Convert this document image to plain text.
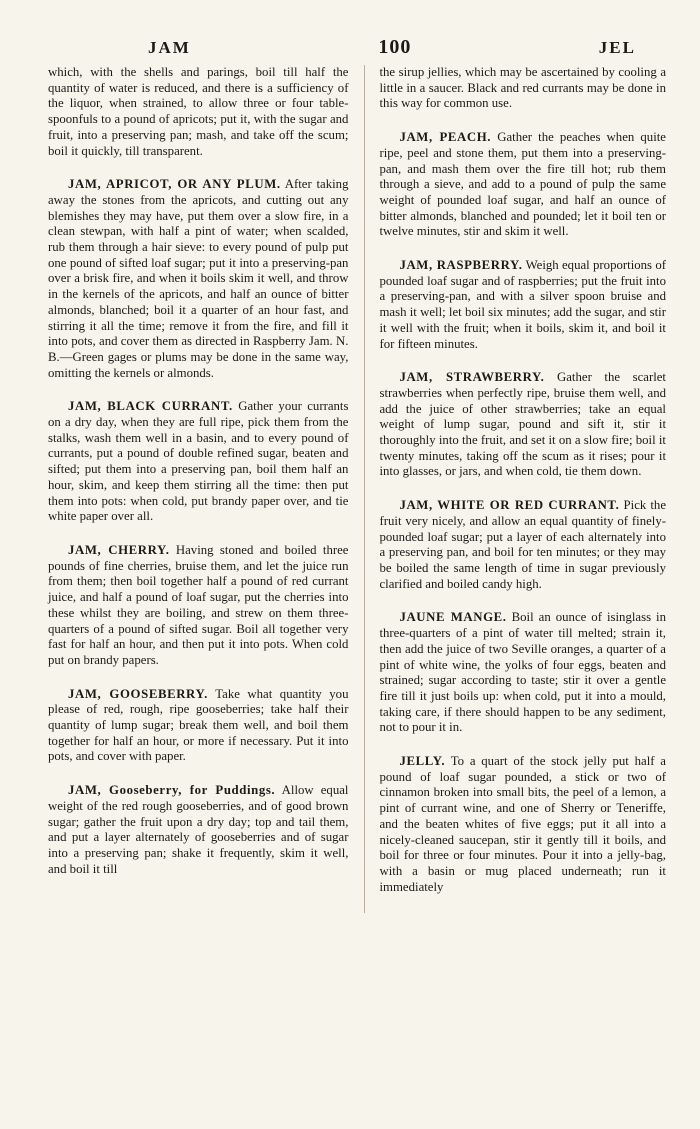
JAM	100	JEL

which, with the shells and parings, boil till half the quantity of water is reduced, and there is a sufficiency of the liquor, when strained, to allow three or four table-spoonfuls to a pound of apricots; put it, with the sugar and fruit, into a preserving pan; mash, and take off the scum; boil it quickly, till transparent.

JAM, APRICOT, OR ANY PLUM. After taking away the stones from the apricots, and cutting out any blemishes they may have, put them over a slow fire, in a clean stewpan, with half a pint of water; when scalded, rub them through a hair sieve: to every pound of pulp put one pound of sifted loaf sugar; put it into a preserving-pan over a brisk fire, and when it boils skim it well, and throw in the kernels of the apricots, and half an ounce of bitter almonds, blanched; boil it a quarter of an hour fast, and stirring it all the time; remove it from the fire, and fill it into pots, and cover them as directed in Raspberry Jam. N. B.—Green gages or plums may be done in the same way, omitting the kernels or almonds.

JAM, BLACK CURRANT. Gather your currants on a dry day, when they are full ripe, pick them from the stalks, wash them well in a basin, and to every pound of currants, put a pound of double refined sugar, beaten and sifted; put them into a preserving pan, boil them half an hour, skim, and keep them stirring all the time: then put them into pots: when cold, put brandy paper over, and tie white paper over all.

JAM, CHERRY. Having stoned and boiled three pounds of fine cherries, bruise them, and let the juice run from them; then boil together half a pound of red currant juice, and half a pound of loaf sugar, put the cherries into these whilst they are boiling, and strew on them three-quarters of a pound of sifted sugar. Boil all together very fast for half an hour, and then put it into pots. When cold put on brandy papers.

JAM, GOOSEBERRY. Take what quantity you please of red, rough, ripe gooseberries; take half their quantity of lump sugar; break them well, and boil them together for half an hour, or more if necessary. Put it into pots, and cover with paper.

JAM, Gooseberry, for Puddings. Allow equal weight of the red rough gooseberries, and of good brown sugar; gather the fruit upon a dry day; top and tail them, and put a layer alternately of gooseberries and of sugar into a preserving pan; shake it frequently, skim it well, and boil it till

the sirup jellies, which may be ascertained by cooling a little in a saucer. Black and red currants may be done in this way for common use.

JAM, PEACH. Gather the peaches when quite ripe, peel and stone them, put them into a preserving-pan, and mash them over the fire till hot; rub them through a sieve, and add to a pound of pulp the same weight of pounded loaf sugar, and half an ounce of bitter almonds, blanched and pounded; let it boil ten or twelve minutes, stir and skim it well.

JAM, RASPBERRY. Weigh equal proportions of pounded loaf sugar and of raspberries; put the fruit into a preserving-pan, and with a silver spoon bruise and mash it well; let boil six minutes; add the sugar, and stir it well with the fruit; when it boils, skim it, and boil it for fifteen minutes.

JAM, STRAWBERRY. Gather the scarlet strawberries when perfectly ripe, bruise them well, and add the juice of other strawberries; take an equal weight of lump sugar, pound and sift it, stir it thoroughly into the fruit, and set it on a slow fire; boil it twenty minutes, taking off the scum as it rises; pour it into glasses, or jars, and when cold, tie them down.

JAM, WHITE OR RED CURRANT. Pick the fruit very nicely, and allow an equal quantity of finely-pounded loaf sugar; put a layer of each alternately into a preserving pan, and boil for ten minutes; or they may be boiled the same length of time in sugar previously clarified and boiled candy high.

JAUNE MANGE. Boil an ounce of isinglass in three-quarters of a pint of water till melted; strain it, then add the juice of two Seville oranges, a quarter of a pint of white wine, the yolks of four eggs, beaten and strained; sugar according to taste; stir it over a gentle fire till it just boils up: when cold, put it into a mould, taking care, if there should happen to be any sediment, not to pour it in.

JELLY. To a quart of the stock jelly put half a pound of loaf sugar pounded, a stick or two of cinnamon broken into small bits, the peel of a lemon, a pint of currant wine, and one of Sherry or Teneriffe, and the beaten whites of five eggs; put it all into a nicely-cleaned saucepan, stir it gently till it boils, and boil for three or four minutes. Pour it into a jelly-bag, with a basin or mug placed underneath; run it immediately
